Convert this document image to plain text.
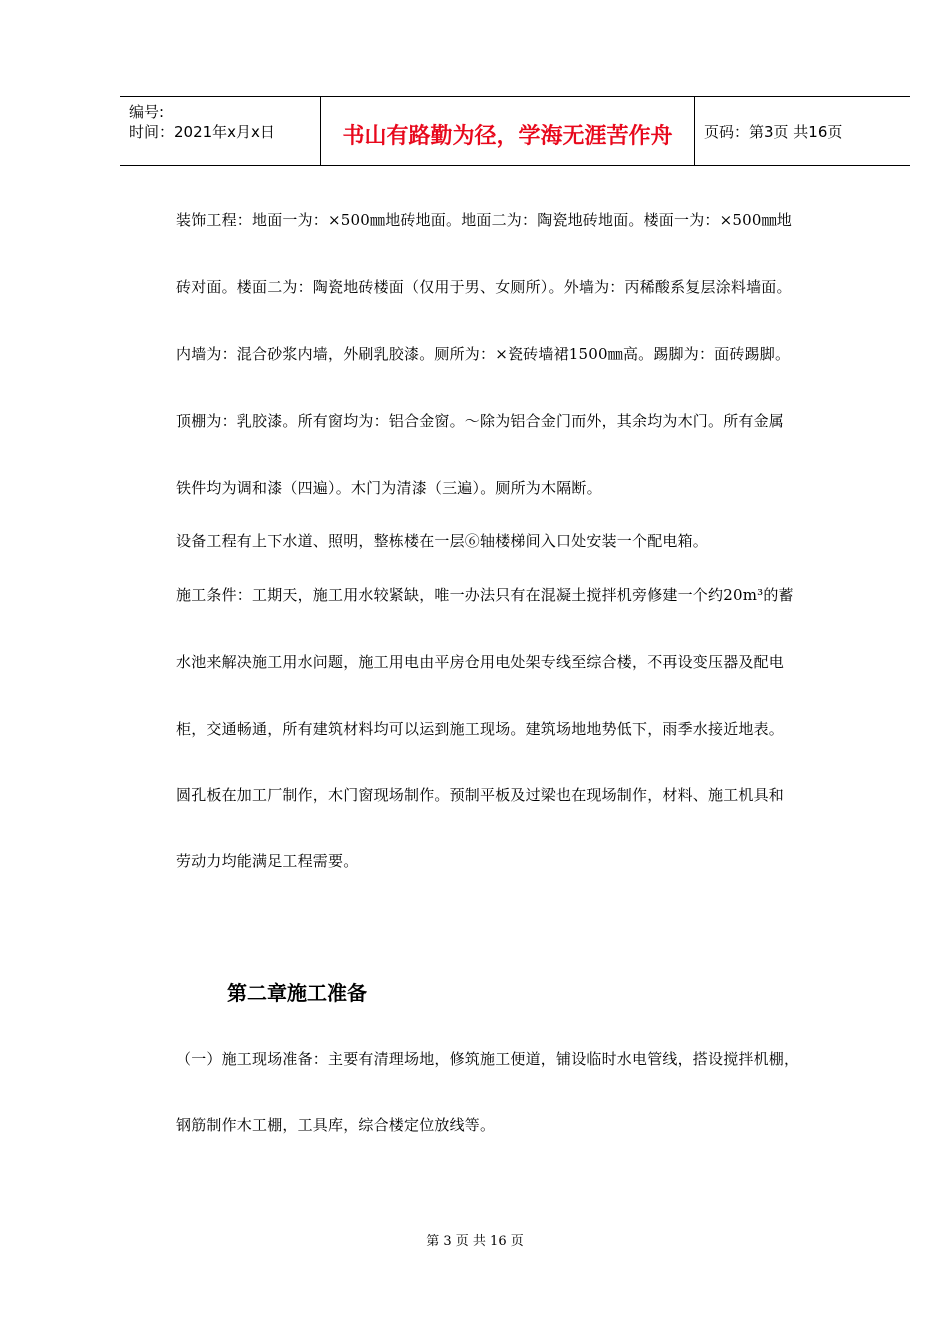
编号:
时间：2021年x月x日	书山有路勤为径，学海无涯苦作舟	页码：第3页 共16页
装饰工程：地面一为：×500㎜地砖地面。地面二为：陶瓷地砖地面。楼面一为：×500㎜地
砖对面。楼面二为：陶瓷地砖楼面（仅用于男、女厕所）。外墙为：丙稀酸系复层涂料墙面。
内墙为：混合砂浆内墙，外刷乳胶漆。厕所为：×瓷砖墙裙1500㎜高。踢脚为：面砖踢脚。
顶棚为：乳胶漆。所有窗均为：铝合金窗。～除为铝合金门而外，其余均为木门。所有金属
铁件均为调和漆（四遍）。木门为清漆（三遍）。厕所为木隔断。
设备工程有上下水道、照明，整栋楼在一层⑥轴楼梯间入口处安装一个配电箱。
施工条件：工期天，施工用水较紧缺，唯一办法只有在混凝土搅拌机旁修建一个约20m³的蓄
水池来解决施工用水问题，施工用电由平房仓用电处架专线至综合楼，不再设变压器及配电
柜，交通畅通，所有建筑材料均可以运到施工现场。建筑场地地势低下，雨季水接近地表。
圆孔板在加工厂制作，木门窗现场制作。预制平板及过梁也在现场制作，材料、施工机具和
劳动力均能满足工程需要。
第二章施工准备
（一）施工现场准备：主要有清理场地，修筑施工便道，铺设临时水电管线，搭设搅拌机棚，
钢筋制作木工棚，工具库，综合楼定位放线等。
第 3 页 共 16 页
